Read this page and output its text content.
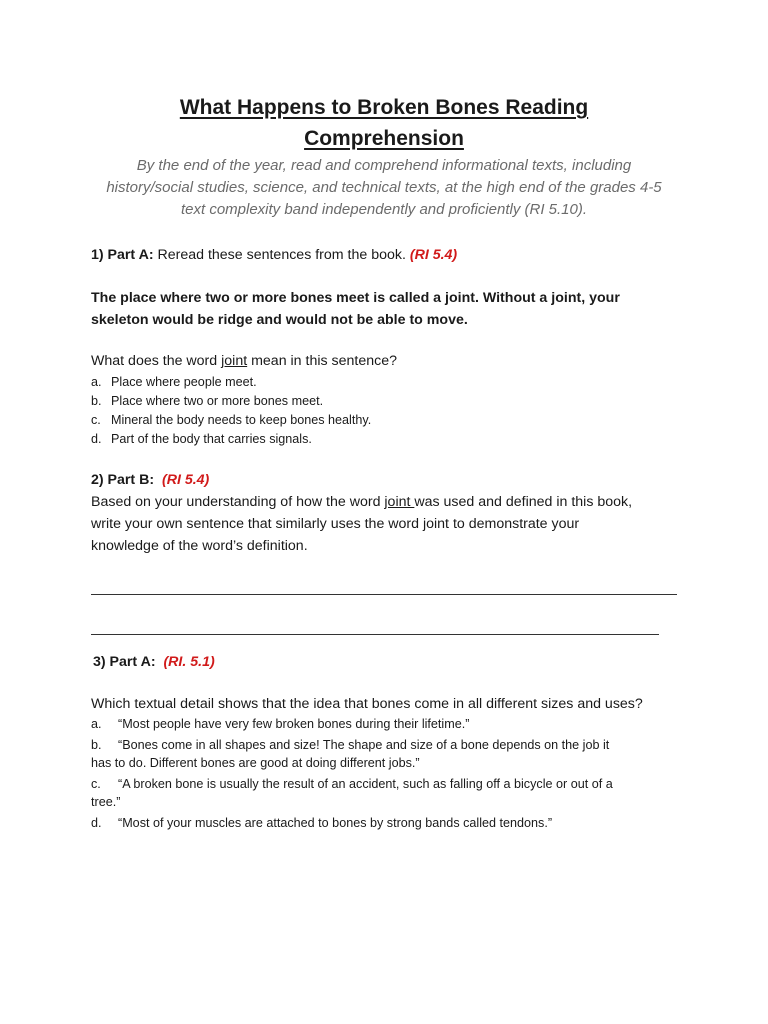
What Happens to Broken Bones Reading
Comprehension
By the end of the year, read and comprehend informational texts, including
history/social studies, science, and technical texts, at the high end of the grades 4-5
text complexity band independently and proficiently (RI 5.10).
1) Part A: Reread these sentences from the book. (RI 5.4)
The place where two or more bones meet is called a joint. Without a joint, your
skeleton would be ridge and would not be able to move.
What does the word joint mean in this sentence?
a. Place where people meet.
b. Place where two or more bones meet.
c. Mineral the body needs to keep bones healthy.
d. Part of the body that carries signals.
2) Part B: (RI 5.4)
Based on your understanding of how the word joint was used and defined in this book,
write your own sentence that similarly uses the word joint to demonstrate your
knowledge of the word’s definition.
3) Part A: (RI. 5.1)
Which textual detail shows that the idea that bones come in all different sizes and uses?
a. “Most people have very few broken bones during their lifetime.”
b. “Bones come in all shapes and size! The shape and size of a bone depends on the job it
has to do. Different bones are good at doing different jobs.”
c. “A broken bone is usually the result of an accident, such as falling off a bicycle or out of a
tree.”
d. “Most of your muscles are attached to bones by strong bands called tendons.”
